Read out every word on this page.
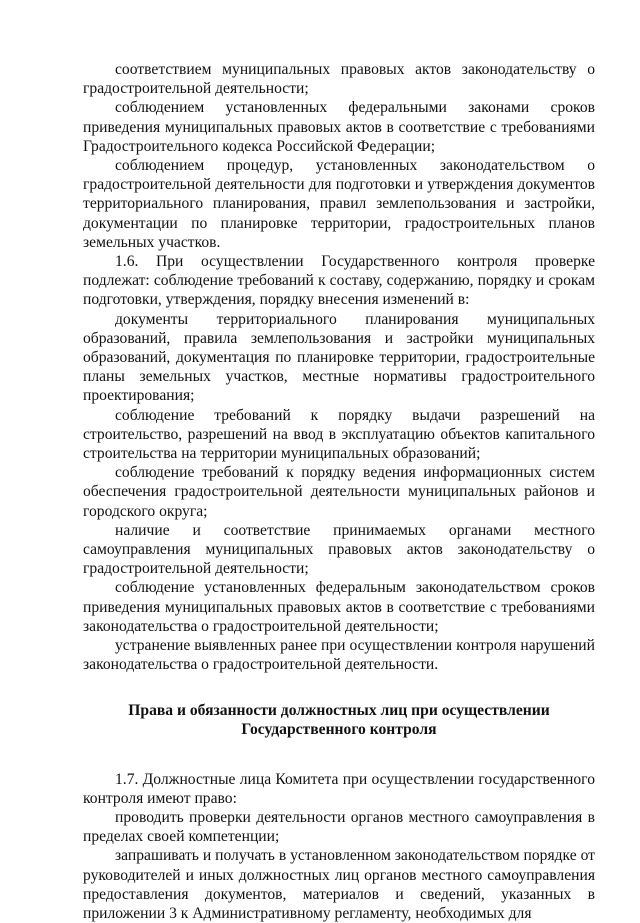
соответствием муниципальных правовых актов законодательству о градостроительной деятельности;

соблюдением установленных федеральными законами сроков приведения муниципальных правовых актов в соответствие с требованиями Градостроительного кодекса Российской Федерации;

соблюдением процедур, установленных законодательством о градостроительной деятельности для подготовки и утверждения документов территориального планирования, правил землепользования и застройки, документации по планировке территории, градостроительных планов земельных участков.

1.6. При осуществлении Государственного контроля проверке подлежат: соблюдение требований к составу, содержанию, порядку и срокам подготовки, утверждения, порядку внесения изменений в:

документы территориального планирования муниципальных образований, правила землепользования и застройки муниципальных образований, документация по планировке территории, градостроительные планы земельных участков, местные нормативы градостроительного проектирования;

соблюдение требований к порядку выдачи разрешений на строительство, разрешений на ввод в эксплуатацию объектов капитального строительства на территории муниципальных образований;

соблюдение требований к порядку ведения информационных систем обеспечения градостроительной деятельности муниципальных районов и городского округа;

наличие и соответствие принимаемых органами местного самоуправления муниципальных правовых актов законодательству о градостроительной деятельности;

соблюдение установленных федеральным законодательством сроков приведения муниципальных правовых актов в соответствие с требованиями законодательства о градостроительной деятельности;

устранение выявленных ранее при осуществлении контроля нарушений законодательства о градостроительной деятельности.

Права и обязанности должностных лиц при осуществлении
Государственного контроля

1.7. Должностные лица Комитета при осуществлении государственного контроля имеют право:

проводить проверки деятельности органов местного самоуправления в пределах своей компетенции;

запрашивать и получать в установленном законодательством порядке от руководителей и иных должностных лиц органов местного самоуправления предоставления документов, материалов и сведений, указанных в приложении 3 к Административному регламенту, необходимых для
